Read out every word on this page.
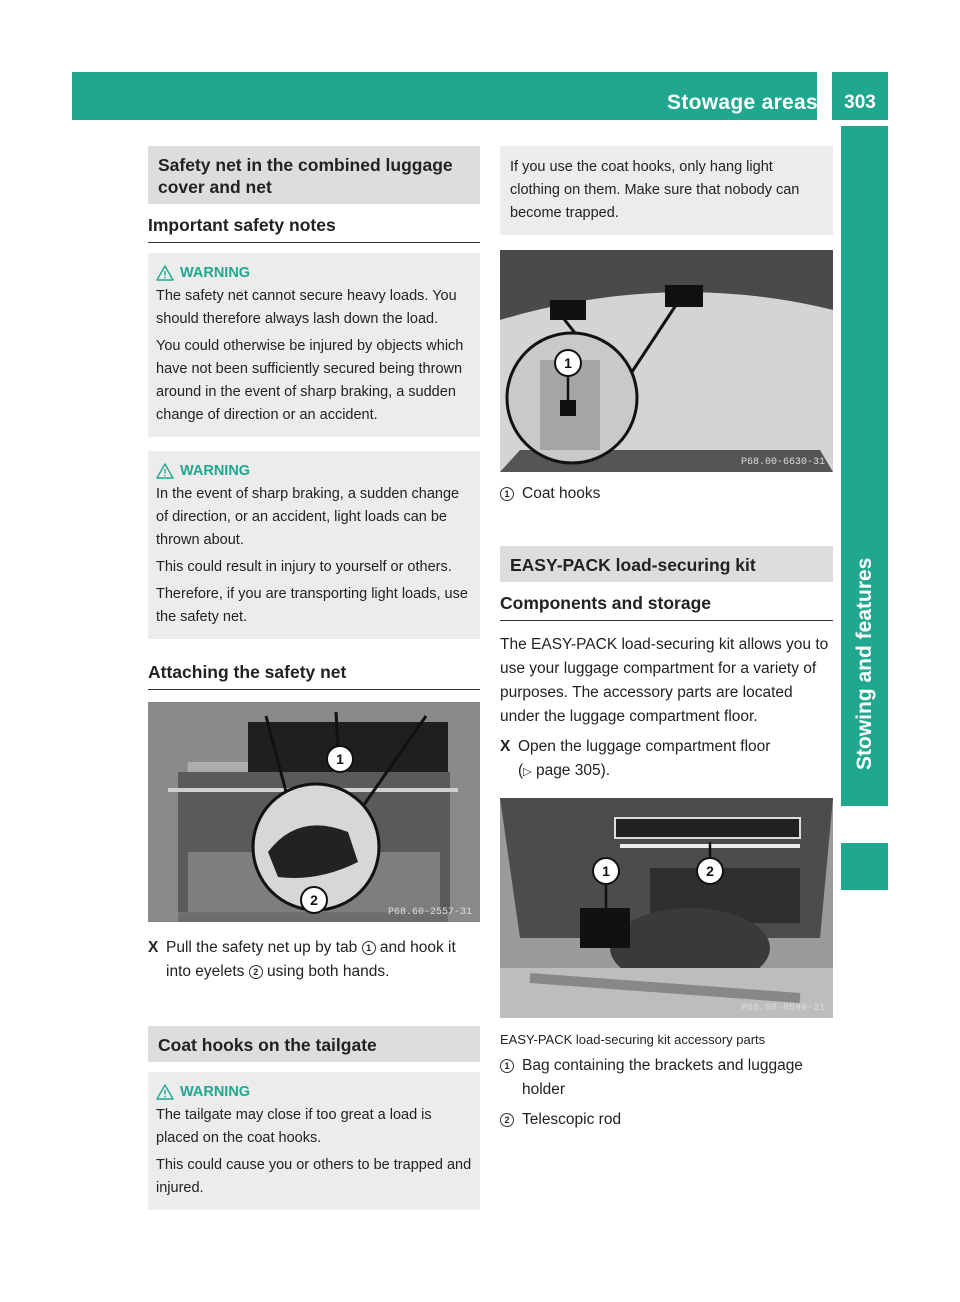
Stowage areas	303
Stowing and features
Safety net in the combined luggage cover and net
Important safety notes
WARNING

The safety net cannot secure heavy loads. You should therefore always lash down the load.

You could otherwise be injured by objects which have not been sufficiently secured being thrown around in the event of sharp braking, a sudden change of direction or an accident.

WARNING

In the event of sharp braking, a sudden change of direction, or an accident, light loads can be thrown about.

This could result in injury to yourself or others.

Therefore, if you are transporting light loads, use the safety net.

Attaching the safety net
1
2
P68.60-2557-31
X Pull the safety net up by tab 1 and hook it into eyelets 2 using both hands.
Coat hooks on the tailgate
WARNING

The tailgate may close if too great a load is placed on the coat hooks.

This could cause you or others to be trapped and injured.

If you use the coat hooks, only hang light clothing on them. Make sure that nobody can become trapped.

1
P68.00-6630-31
1 Coat hooks
EASY-PACK load-securing kit
Components and storage
The EASY-PACK load-securing kit allows you to use your luggage compartment for a variety of purposes. The accessory parts are located under the luggage compartment floor.
X Open the luggage compartment floor
(▷ page 305).
1	2
P68.00-6599-31
EASY-PACK load-securing kit accessory parts
1 Bag containing the brackets and luggage holder
2 Telescopic rod
